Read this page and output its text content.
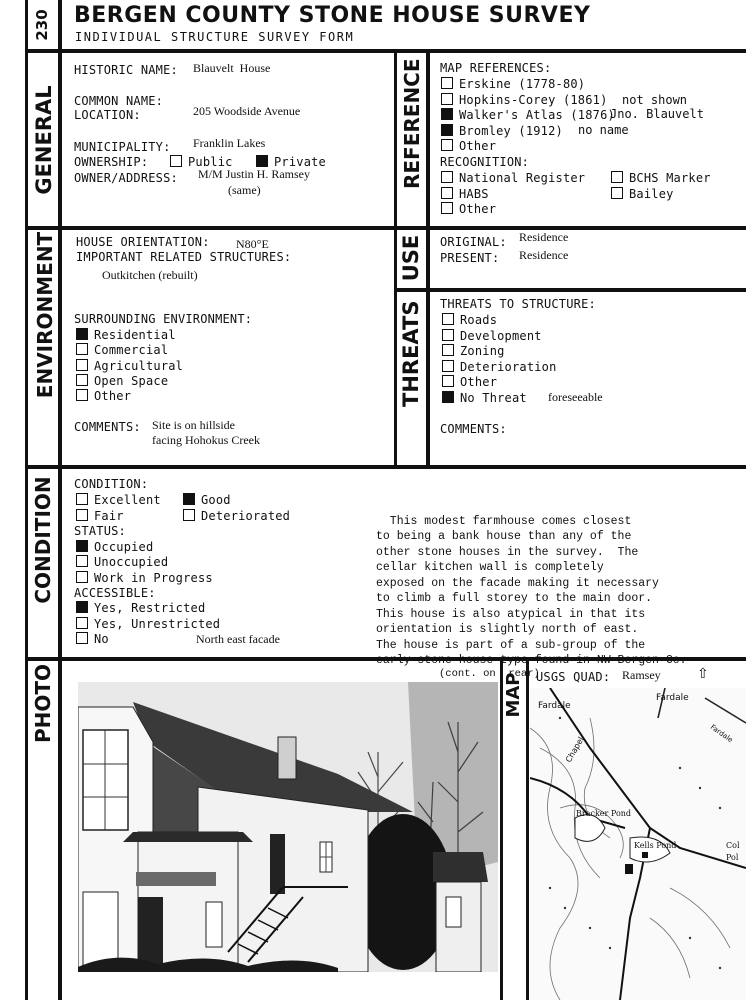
230 BERGEN COUNTY STONE HOUSE SURVEY
INDIVIDUAL STRUCTURE SURVEY FORM
GENERAL	REFERENCE
ENVIRONMENT	USE
THREATS
CONDITION
PHOTO	MAP
HISTORIC NAME: Blauvelt  House
COMMON NAME:
LOCATION:	205 Woodside Avenue
MUNICIPALITY: Franklin Lakes
OWNERSHIP:	Public	Private
OWNER/ADDRESS: M/M Justin H. Ramsey
(same)
MAP REFERENCES:
Erskine (1778-80)
Hopkins-Corey (1861) not shown
Walker's Atlas (1876)
Jno. Blauvelt
Bromley (1912) no name
Other
RECOGNITION:
National Register	BCHS Marker
HABS	Bailey
Other
HOUSE ORIENTATION: N80°E
IMPORTANT RELATED STRUCTURES:
Outkitchen (rebuilt)
SURROUNDING ENVIRONMENT:
Residential
Commercial
Agricultural
Open Space
Other
COMMENTS: Site is on hillside
facing Hohokus Creek
ORIGINAL: Residence
PRESENT: Residence
THREATS TO STRUCTURE:
Roads
Development
Zoning
Deterioration
Other
No Threat foreseeable
COMMENTS:
CONDITION:
Excellent	Good
Fair	Deteriorated
STATUS:
Occupied
Unoccupied
Work in Progress
ACCESSIBLE:
Yes, Restricted
Yes, Unrestricted
No	North east facade

This modest farmhouse comes closest
to being a bank house than any of the
other stone houses in the survey.  The
cellar kitchen wall is completely
exposed on the facade making it necessary
to climb a full storey to the main door.
This house is also atypical in that its
orientation is slightly north of east.
The house is part of a sub-group of the
early stone house type found in NW Bergen Co.
(cont. on  rear)

USGS QUAD: Ramsey	⇧
Fardale
Fardale
Fardale
Chapel
Bracker Pond
Kells Pond	Col
Pol
